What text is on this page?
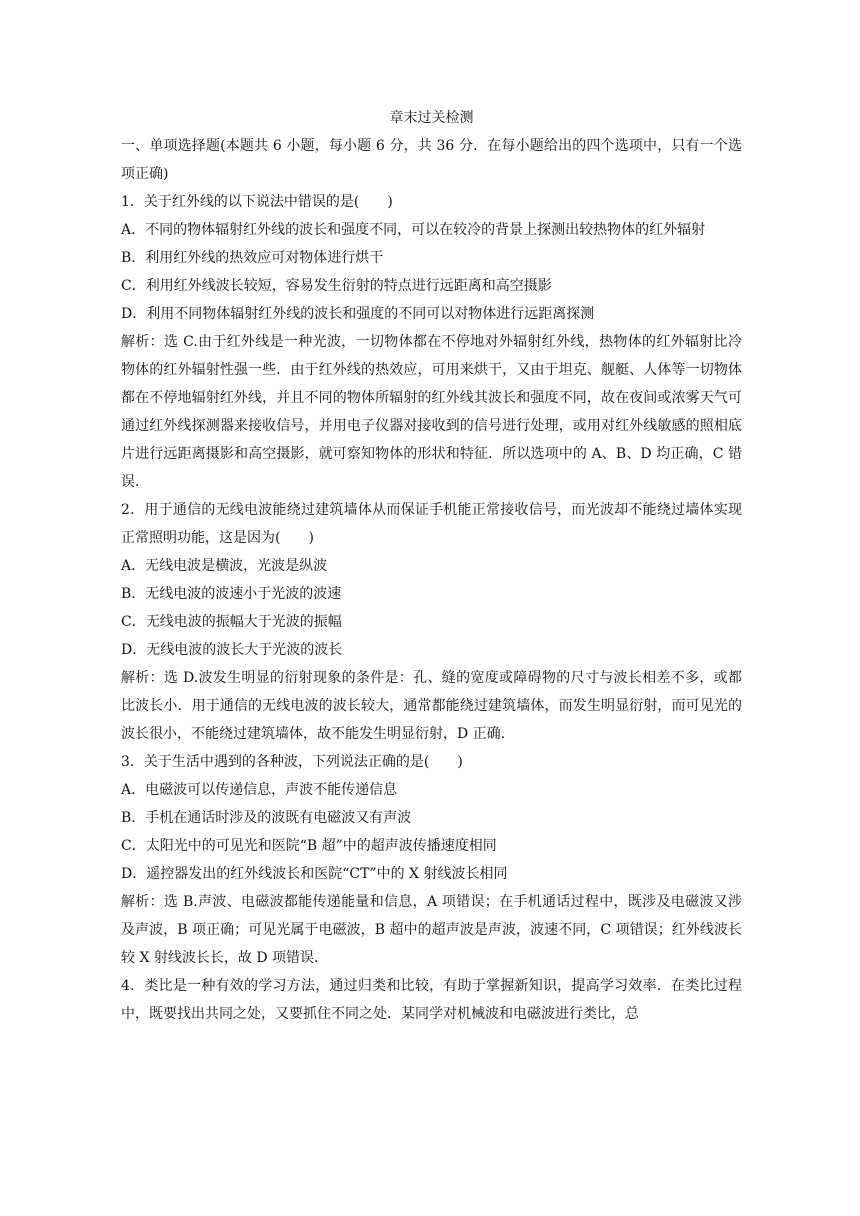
章末过关检测

一、单项选择题(本题共 6 小题，每小题 6 分，共 36 分．在每小题给出的四个选项中，只有一个选项正确)

1．关于红外线的以下说法中错误的是(　　)

A．不同的物体辐射红外线的波长和强度不同，可以在较冷的背景上探测出较热物体的红外辐射

B．利用红外线的热效应可对物体进行烘干

C．利用红外线波长较短，容易发生衍射的特点进行远距离和高空摄影

D．利用不同物体辐射红外线的波长和强度的不同可以对物体进行远距离探测

解析：选 C.由于红外线是一种光波，一切物体都在不停地对外辐射红外线，热物体的红外辐射比冷物体的红外辐射性强一些．由于红外线的热效应，可用来烘干，又由于坦克、舰艇、人体等一切物体都在不停地辐射红外线，并且不同的物体所辐射的红外线其波长和强度不同，故在夜间或浓雾天气可通过红外线探测器来接收信号，并用电子仪器对接收到的信号进行处理，或用对红外线敏感的照相底片进行远距离摄影和高空摄影，就可察知物体的形状和特征．所以选项中的 A、B、D 均正确，C 错误．

2．用于通信的无线电波能绕过建筑墙体从而保证手机能正常接收信号，而光波却不能绕过墙体实现正常照明功能，这是因为(　　)

A．无线电波是横波，光波是纵波

B．无线电波的波速小于光波的波速

C．无线电波的振幅大于光波的振幅

D．无线电波的波长大于光波的波长

解析：选 D.波发生明显的衍射现象的条件是：孔、缝的宽度或障碍物的尺寸与波长相差不多，或都比波长小．用于通信的无线电波的波长较大，通常都能绕过建筑墙体，而发生明显衍射，而可见光的波长很小，不能绕过建筑墙体，故不能发生明显衍射，D 正确．

3．关于生活中遇到的各种波，下列说法正确的是(　　)

A．电磁波可以传递信息，声波不能传递信息

B．手机在通话时涉及的波既有电磁波又有声波

C．太阳光中的可见光和医院“B 超”中的超声波传播速度相同

D．遥控器发出的红外线波长和医院“CT”中的 X 射线波长相同

解析：选 B.声波、电磁波都能传递能量和信息，A 项错误；在手机通话过程中，既涉及电磁波又涉及声波，B 项正确；可见光属于电磁波，B 超中的超声波是声波，波速不同，C 项错误；红外线波长较 X 射线波长长，故 D 项错误．

4．类比是一种有效的学习方法，通过归类和比较，有助于掌握新知识，提高学习效率．在类比过程中，既要找出共同之处，又要抓住不同之处．某同学对机械波和电磁波进行类比，总
